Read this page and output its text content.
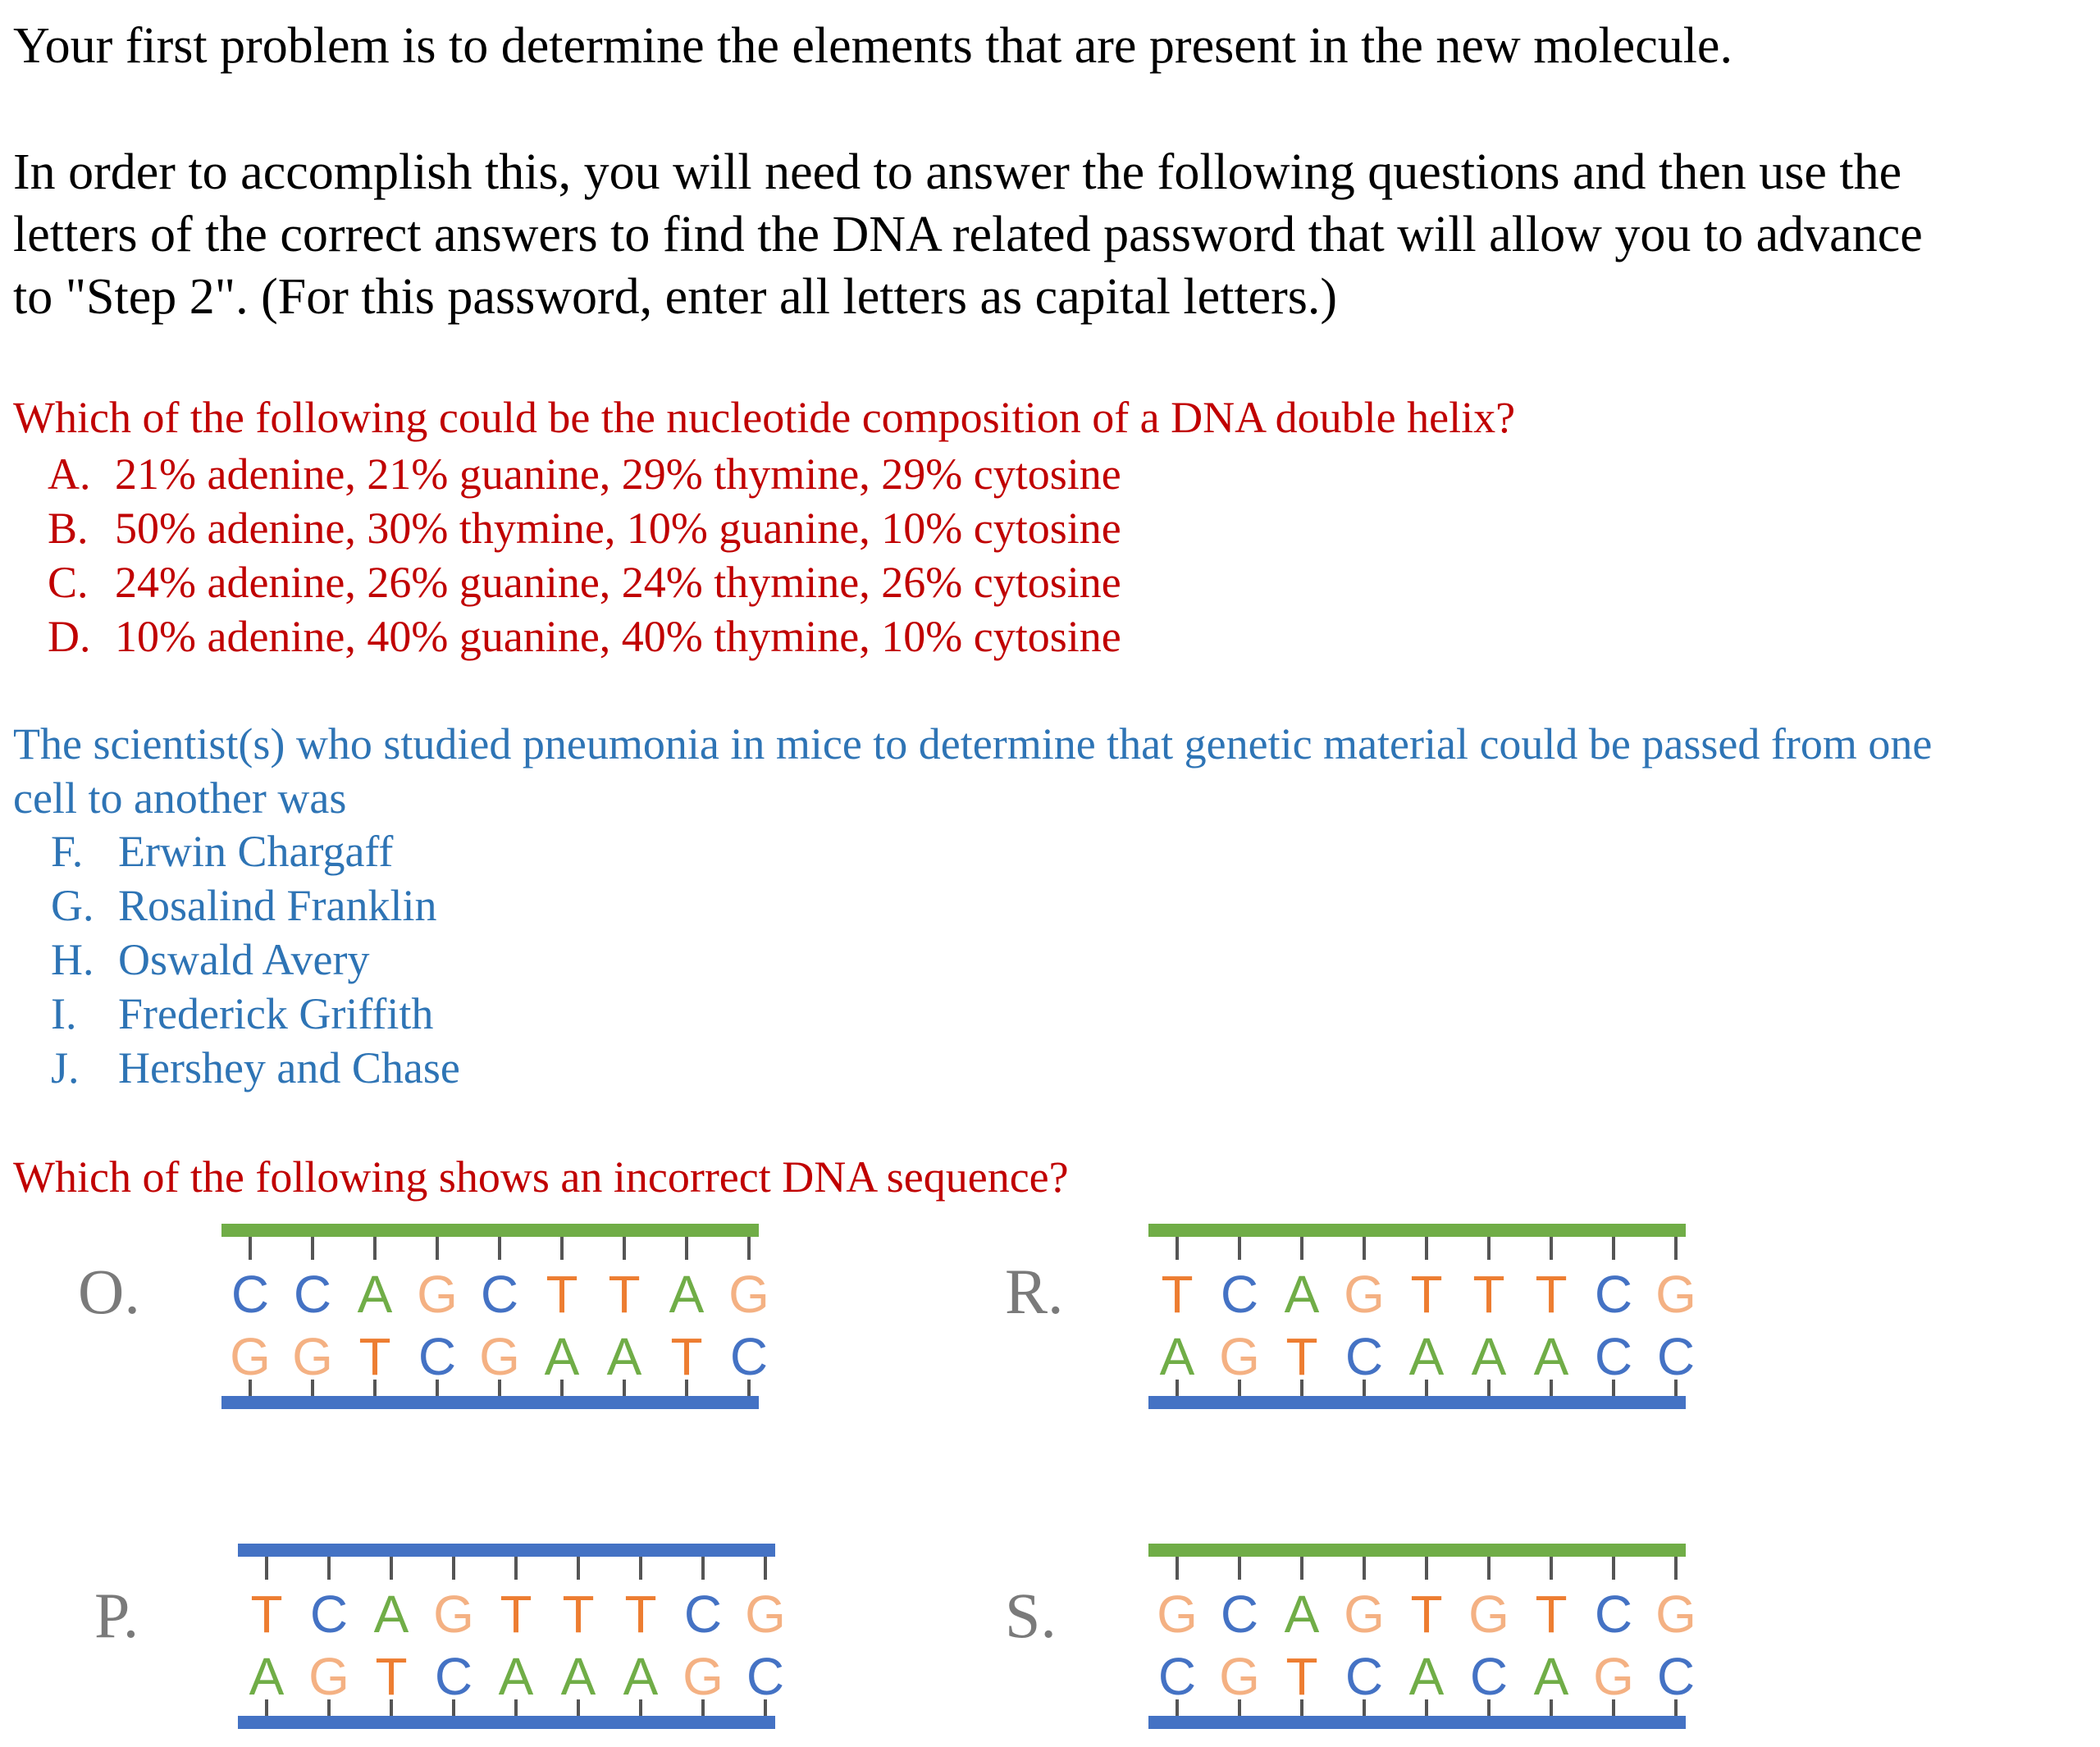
Your first problem is to determine the elements that are present in the new molecule.

In order to accomplish this, you will need to answer the following questions and then use the
letters of the correct answers to find the DNA related password that will allow you to advance
to "Step 2". (For this password, enter all letters as capital letters.)

Which of the following could be the nucleotide composition of a DNA double helix?

A. 21% adenine, 21% guanine, 29% thymine, 29% cytosine
B. 50% adenine, 30% thymine, 10% guanine, 10% cytosine
C. 24% adenine, 26% guanine, 24% thymine, 26% cytosine
D. 10% adenine, 40% guanine, 40% thymine, 10% cytosine
The scientist(s) who studied pneumonia in mice to determine that genetic material could be passed from one
cell to another was
F. Erwin Chargaff
G. Rosalind Franklin
H. Oswald Avery
I. Frederick Griffith
J. Hershey and Chase

Which of the following shows an incorrect DNA sequence?

O. C C A G C T T A G
G G T C G A A T C
R. T C A G T T T C G
A G T C A A A C C
P. T C A G T T T C G
A G T C A A A G C
S. G C A G T G T C G
C G T C A C A G C
